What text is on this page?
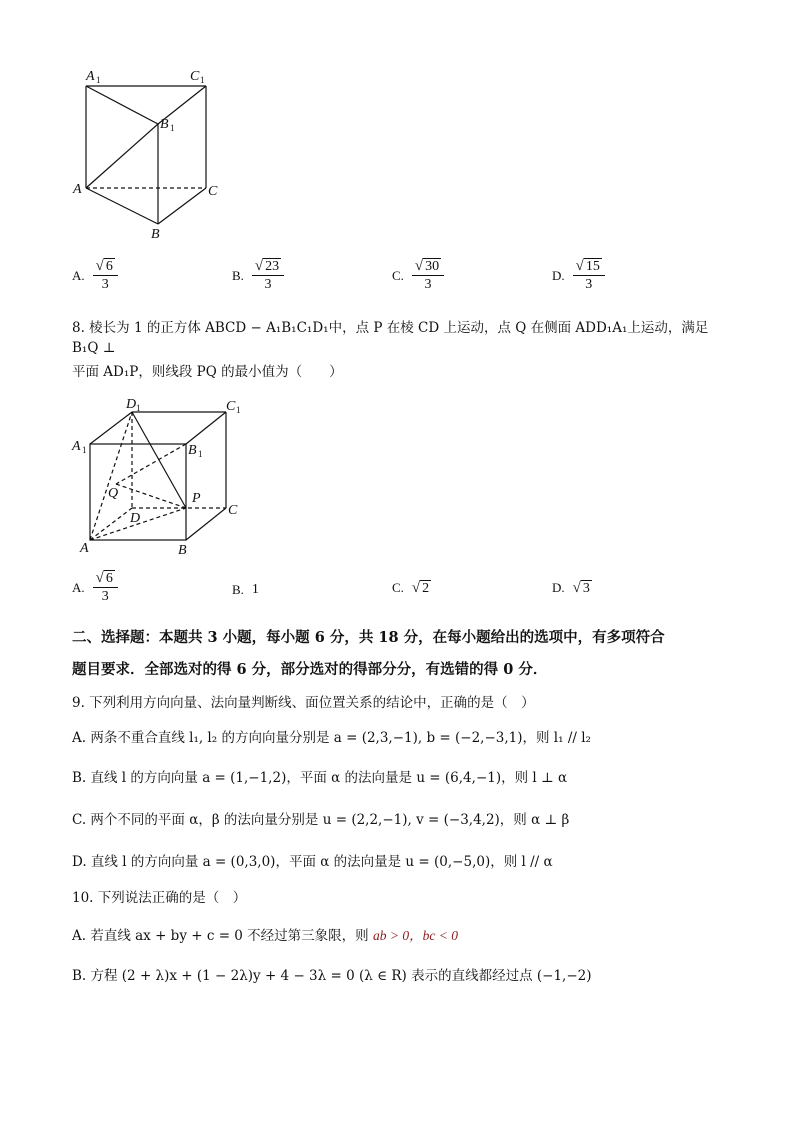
A 1	C 1
B 1
A	C
B
A. $\frac{√ 6}{3}$	B. $\frac{√ 23}{3}$	C. $\frac{√ 30}{3}$	D. $\frac{√ 15}{3}$
8. 棱长为 1 的正方体 ABCD − A₁B₁C₁D₁中，点 P 在棱 CD 上运动，点 Q 在侧面 ADD₁A₁上运动，满足 B₁Q ⊥
平面 AD₁P，则线段 PQ 的最小值为（　　）
D 1	C 1
A 1	B 1
Q	P
D
C
A	B
A. $\frac{√ 6}{3}$	B. 1	C. √ 2	D. √ 3
二、选择题：本题共 3 小题，每小题 6 分，共 18 分，在每小题给出的选项中，有多项符合
题目要求．全部选对的得 6 分，部分选对的得部分分，有选错的得 0 分．
9. 下列利用方向向量、法向量判断线、面位置关系的结论中，正确的是（　）
A. 两条不重合直线 l₁, l₂ 的方向向量分别是 a = (2,3,−1), b = (−2,−3,1)，则 l₁ // l₂
B. 直线 l 的方向向量 a = (1,−1,2)，平面 α 的法向量是 u = (6,4,−1)，则 l ⊥ α
C. 两个不同的平面 α，β 的法向量分别是 u = (2,2,−1), v = (−3,4,2)，则 α ⊥ β
D. 直线 l 的方向向量 a = (0,3,0)，平面 α 的法向量是 u = (0,−5,0)，则 l // α
10. 下列说法正确的是（　）
A. 若直线 ax + by + c = 0 不经过第三象限，则 ab > 0，bc < 0
B. 方程 (2 + λ)x + (1 − 2λ)y + 4 − 3λ = 0 (λ ∈ R) 表示的直线都经过点 (−1,−2)
